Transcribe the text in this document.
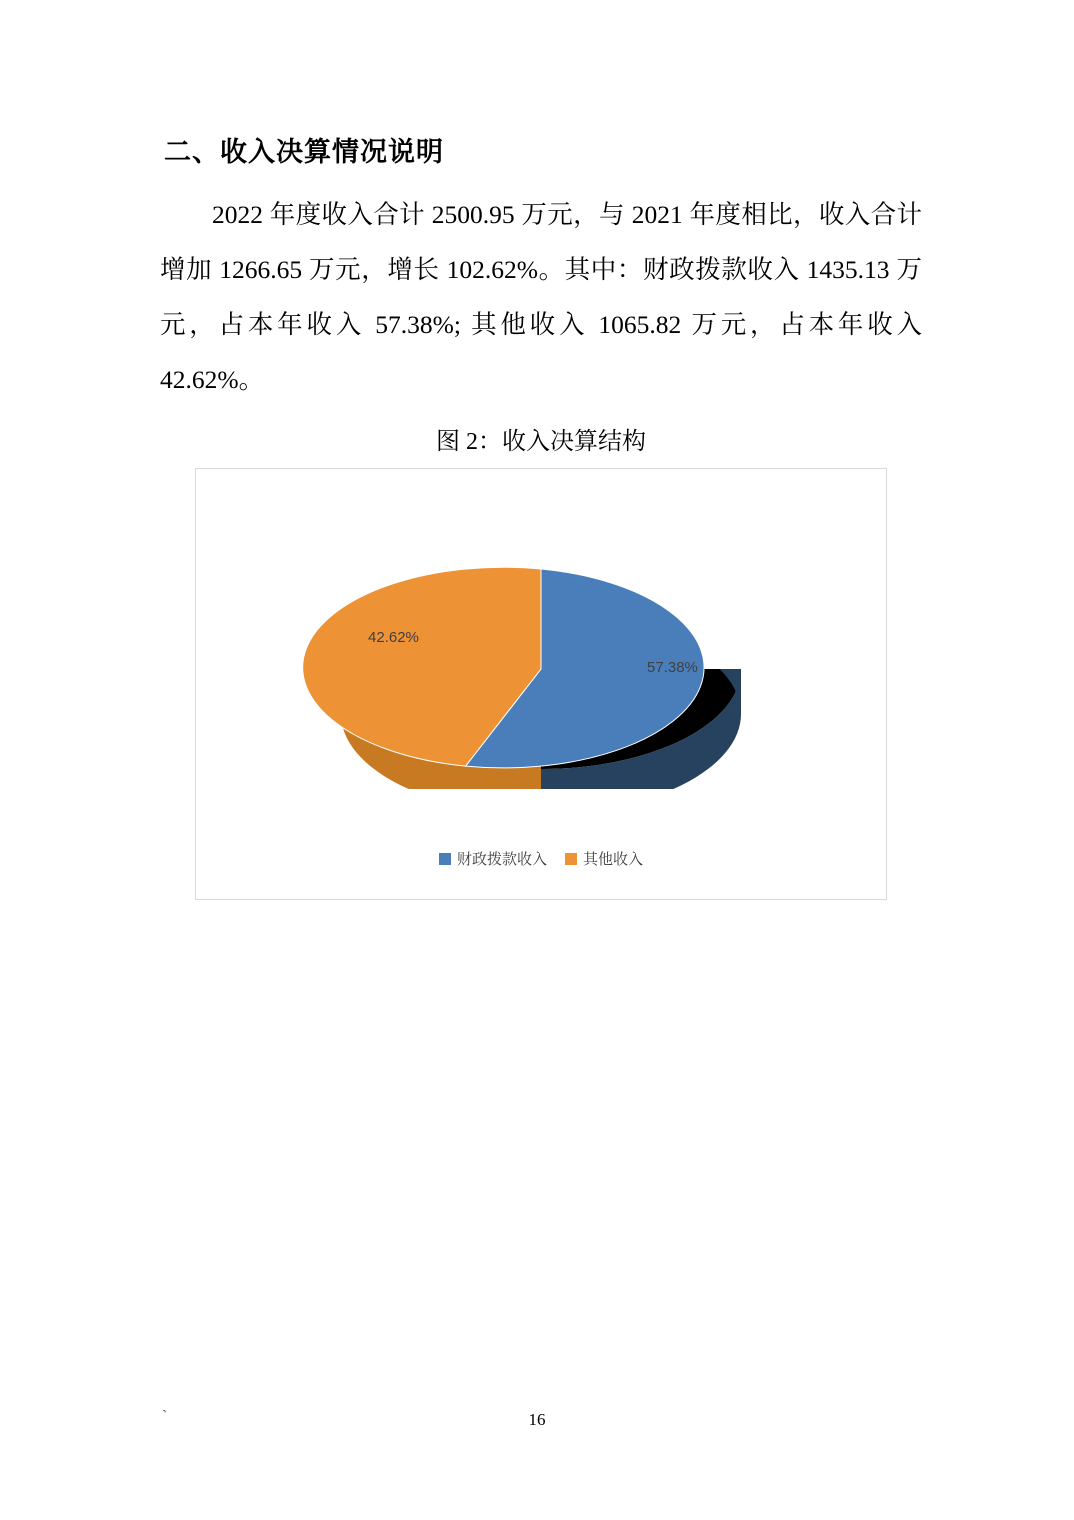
二、收入决算情况说明

2022 年度收入合计 2500.95 万元，与 2021 年度相比，收入合计增加 1266.65 万元，增长 102.62%。其中：财政拨款收入 1435.13 万元，占本年收入 57.38%; 其他收入 1065.82 万元，占本年收入 42.62%。

图 2：收入决算结构
42.62%
57.38%
财政拨款收入 其他收入
`	16
